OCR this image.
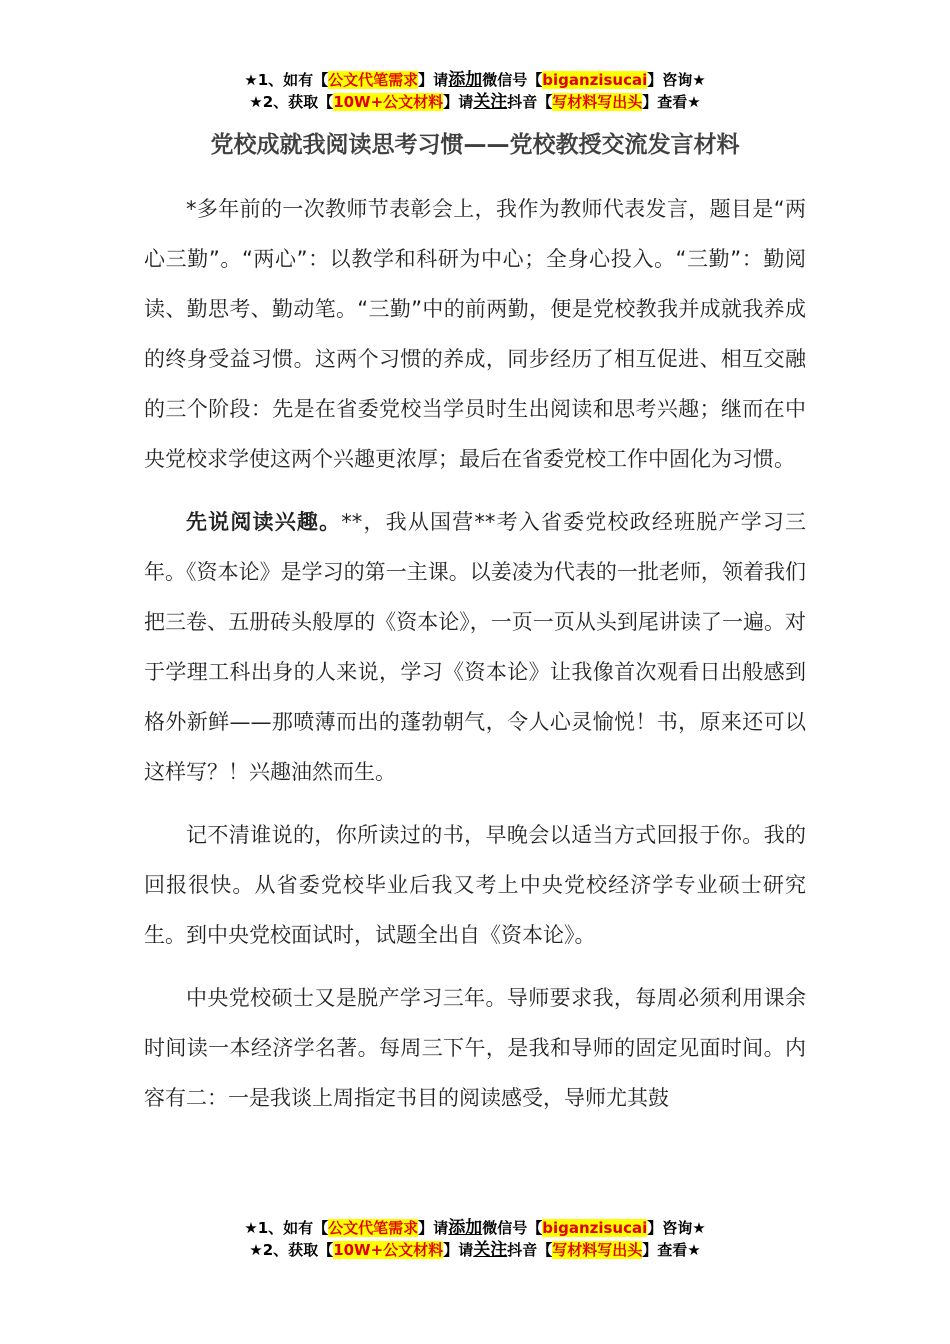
★1、如有【公文代笔需求】请添加微信号【biganzisucai】咨询★
★2、获取【10W+公文材料】请关注抖音【写材料写出头】查看★
党校成就我阅读思考习惯——党校教授交流发言材料

*多年前的一次教师节表彰会上，我作为教师代表发言，题目是“两心三勤”。“两心”：以教学和科研为中心；全身心投入。“三勤”：勤阅读、勤思考、勤动笔。“三勤”中的前两勤，便是党校教我并成就我养成的终身受益习惯。这两个习惯的养成，同步经历了相互促进、相互交融的三个阶段：先是在省委党校当学员时生出阅读和思考兴趣；继而在中央党校求学使这两个兴趣更浓厚；最后在省委党校工作中固化为习惯。

先说阅读兴趣。**，我从国营**考入省委党校政经班脱产学习三年。《资本论》是学习的第一主课。以姜凌为代表的一批老师，领着我们把三卷、五册砖头般厚的《资本论》，一页一页从头到尾讲读了一遍。对于学理工科出身的人来说，学习《资本论》让我像首次观看日出般感到格外新鲜——那喷薄而出的蓬勃朝气，令人心灵愉悦！书，原来还可以这样写？！兴趣油然而生。

记不清谁说的，你所读过的书，早晚会以适当方式回报于你。我的回报很快。从省委党校毕业后我又考上中央党校经济学专业硕士研究生。到中央党校面试时，试题全出自《资本论》。

中央党校硕士又是脱产学习三年。导师要求我，每周必须利用课余时间读一本经济学名著。每周三下午，是我和导师的固定见面时间。内容有二：一是我谈上周指定书目的阅读感受，导师尤其鼓

★1、如有【公文代笔需求】请添加微信号【biganzisucai】咨询★
★2、获取【10W+公文材料】请关注抖音【写材料写出头】查看★
